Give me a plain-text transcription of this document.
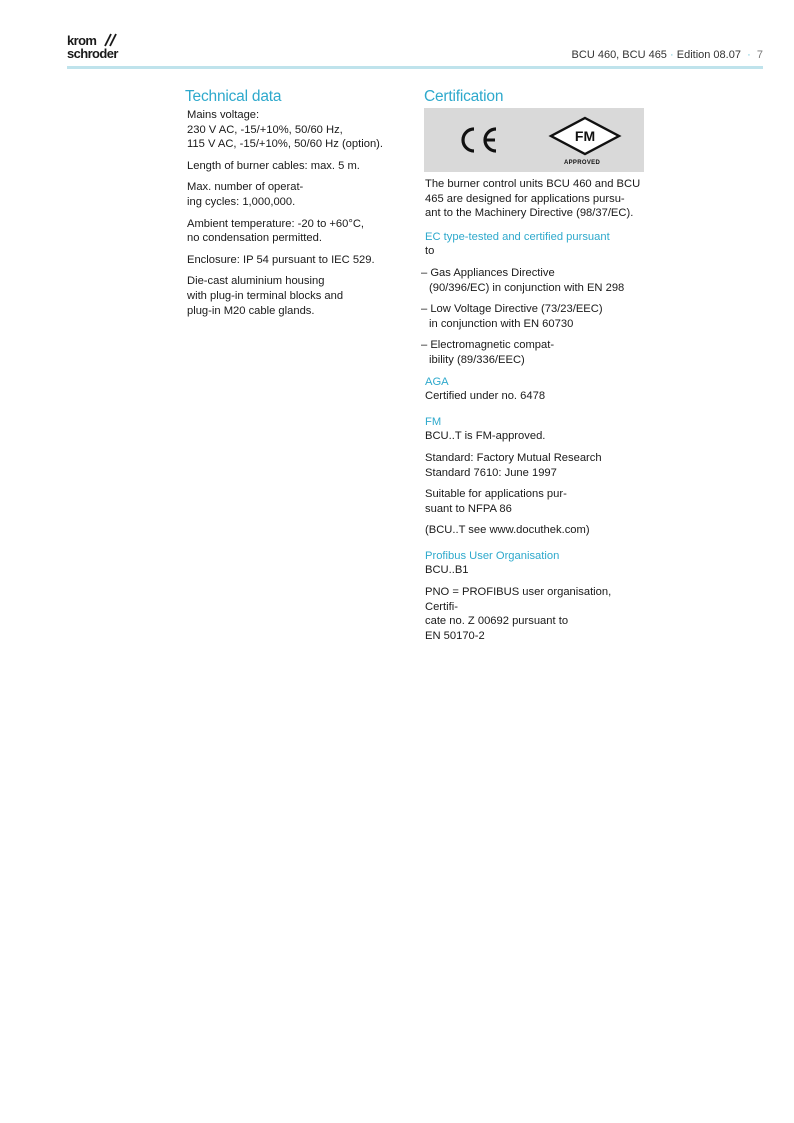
krom
schroder	BCU 460, BCU 465 · Edition 08.07 · 7
Technical data

Mains voltage:
230 V AC, -15/+10%, 50/60 Hz,
115 V AC, -15/+10%, 50/60 Hz (option).

Length of burner cables: max. 5 m.

Max. number of operat-
ing cycles: 1,000,000.

Ambient temperature: -20 to +60°C,
no condensation permitted.

Enclosure: IP 54 pursuant to IEC 529.

Die-cast aluminium housing
with plug-in terminal blocks and
plug-in M20 cable glands.

Certification
FM
APPROVED

The burner control units BCU 460 and BCU
465 are designed for applications pursu-
ant to the Machinery Directive (98/37/EC).

EC type-tested and certified pursuant

to

– Gas Appliances Directive
(90/396/EC) in conjunction with EN 298

– Low Voltage Directive (73/23/EEC)
in conjunction with EN 60730

– Electromagnetic compat-
ibility (89/336/EEC)

AGA

Certified under no. 6478

FM

BCU..T is FM-approved.

Standard: Factory Mutual Research
Standard 7610: June 1997

Suitable for applications pur-
suant to NFPA 86

(BCU..T see www.docuthek.com)

Profibus User Organisation

BCU..B1

PNO = PROFIBUS user organisation, Certifi-
cate no. Z 00692 pursuant to
EN 50170-2
